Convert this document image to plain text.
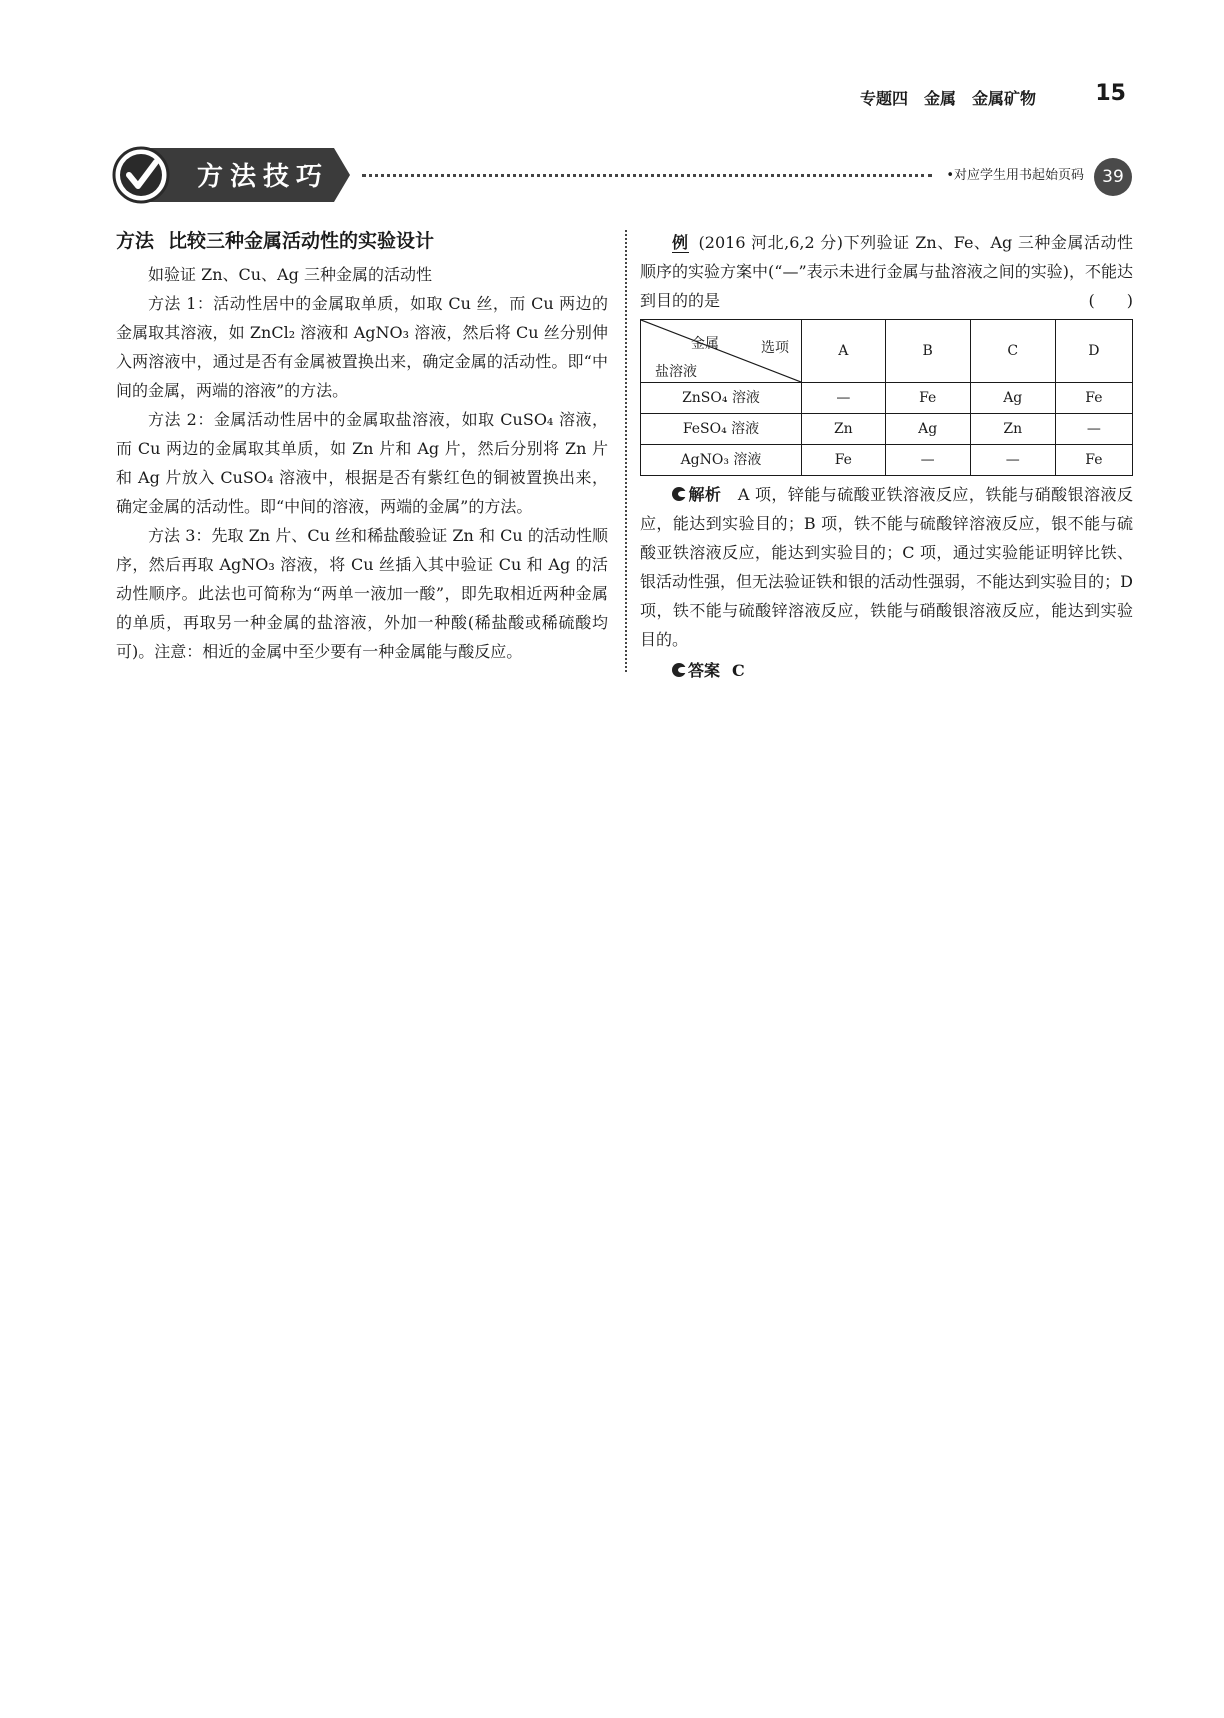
专题四　金属　金属矿物	15
方法技巧	•对应学生用书起始页码	39
方法 比较三种金属活动性的实验设计

如验证 Zn、Cu、Ag 三种金属的活动性

方法 1：活动性居中的金属取单质，如取 Cu 丝，而 Cu 两边的金属取其溶液，如 ZnCl₂ 溶液和 AgNO₃ 溶液，然后将 Cu 丝分别伸入两溶液中，通过是否有金属被置换出来，确定金属的活动性。即“中间的金属，两端的溶液”的方法。

方法 2：金属活动性居中的金属取盐溶液，如取 CuSO₄ 溶液，而 Cu 两边的金属取其单质，如 Zn 片和 Ag 片，然后分别将 Zn 片和 Ag 片放入 CuSO₄ 溶液中，根据是否有紫红色的铜被置换出来，确定金属的活动性。即“中间的溶液，两端的金属”的方法。

方法 3：先取 Zn 片、Cu 丝和稀盐酸验证 Zn 和 Cu 的活动性顺序，然后再取 AgNO₃ 溶液，将 Cu 丝插入其中验证 Cu 和 Ag 的活动性顺序。此法也可简称为“两单一液加一酸”，即先取相近两种金属的单质，再取另一种金属的盐溶液，外加一种酸(稀盐酸或稀硫酸均可)。注意：相近的金属中至少要有一种金属能与酸反应。

例 (2016 河北,6,2 分)下列验证 Zn、Fe、Ag 三种金属活动性顺序的实验方案中(“—”表示未进行金属与盐溶液之间的实验)，不能达到目的的是	(　　)

金属 选项
盐溶液	A	B	C	D
ZnSO₄ 溶液	—	Fe	Ag	Fe
FeSO₄ 溶液	Zn	Ag	Zn	—
AgNO₃ 溶液	Fe	—	—	Fe

解析　 A 项，锌能与硫酸亚铁溶液反应，铁能与硝酸银溶液反应，能达到实验目的；B 项，铁不能与硫酸锌溶液反应，银不能与硫酸亚铁溶液反应，能达到实验目的；C 项，通过实验能证明锌比铁、银活动性强，但无法验证铁和银的活动性强弱，不能达到实验目的；D 项，铁不能与硫酸锌溶液反应，铁能与硝酸银溶液反应，能达到实验目的。

答案 C
